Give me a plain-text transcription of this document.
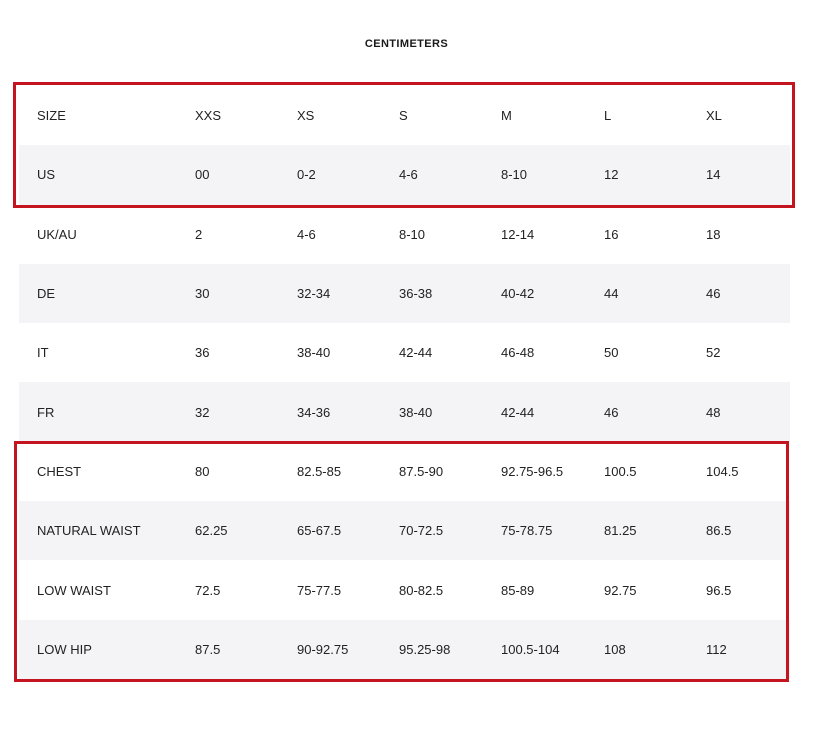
CENTIMETERS
SIZE	XXS	XS	S	M	L	XL
US	00	0-2	4-6	8-10	12	14
UK/AU	2	4-6	8-10	12-14	16	18
DE	30	32-34	36-38	40-42	44	46
IT	36	38-40	42-44	46-48	50	52
FR	32	34-36	38-40	42-44	46	48
CHEST	80	82.5-85	87.5-90	92.75-96.5	100.5	104.5
NATURAL WAIST	62.25	65-67.5	70-72.5	75-78.75	81.25	86.5
LOW WAIST	72.5	75-77.5	80-82.5	85-89	92.75	96.5
LOW HIP	87.5	90-92.75	95.25-98	100.5-104	108	112
